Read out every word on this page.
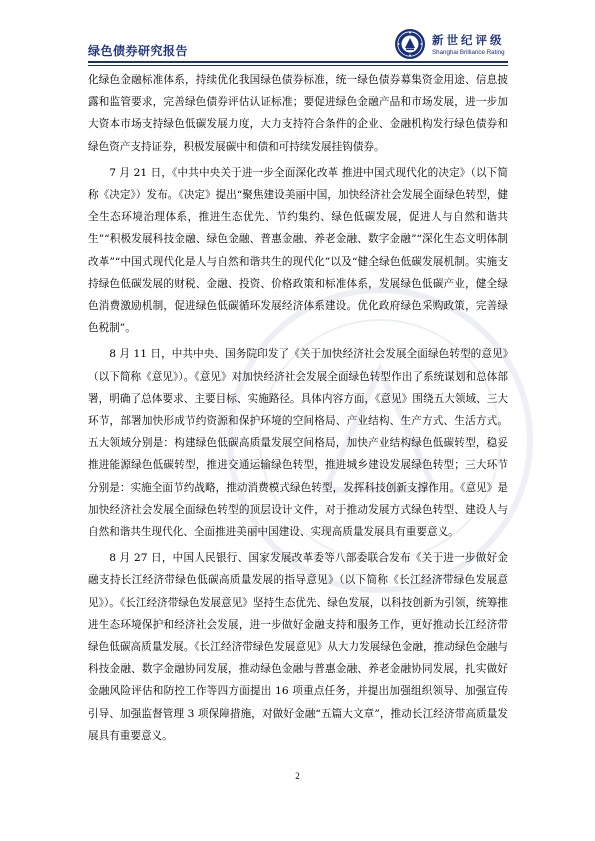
绿色债券研究报告
新世纪评级
Shanghai Brilliance Rating

化绿色金融标准体系，持续优化我国绿色债券标准，统一绿色债券募集资金用途、信息披露和监管要求，完善绿色债券评估认证标准；要促进绿色金融产品和市场发展，进一步加大资本市场支持绿色低碳发展力度，大力支持符合条件的企业、金融机构发行绿色债券和绿色资产支持证券，积极发展碳中和债和可持续发展挂钩债券。

7 月 21 日，《中共中央关于进一步全面深化改革 推进中国式现代化的决定》（以下简称《决定》）发布。《决定》提出“聚焦建设美丽中国，加快经济社会发展全面绿色转型，健全生态环境治理体系，推进生态优先、节约集约、绿色低碳发展，促进人与自然和谐共生”“积极发展科技金融、绿色金融、普惠金融、养老金融、数字金融”“深化生态文明体制改革”“中国式现代化是人与自然和谐共生的现代化”以及“健全绿色低碳发展机制。实施支持绿色低碳发展的财税、金融、投资、价格政策和标准体系，发展绿色低碳产业，健全绿色消费激励机制，促进绿色低碳循环发展经济体系建设。优化政府绿色采购政策，完善绿色税制”。

8 月 11 日，中共中央、国务院印发了《关于加快经济社会发展全面绿色转型的意见》（以下简称《意见》）。《意见》对加快经济社会发展全面绿色转型作出了系统谋划和总体部署，明确了总体要求、主要目标、实施路径。具体内容方面，《意见》围绕五大领域、三大环节，部署加快形成节约资源和保护环境的空间格局、产业结构、生产方式、生活方式。五大领域分别是：构建绿色低碳高质量发展空间格局，加快产业结构绿色低碳转型，稳妥推进能源绿色低碳转型，推进交通运输绿色转型，推进城乡建设发展绿色转型；三大环节分别是：实施全面节约战略，推动消费模式绿色转型，发挥科技创新支撑作用。《意见》是加快经济社会发展全面绿色转型的顶层设计文件，对于推动发展方式绿色转型、建设人与自然和谐共生现代化、全面推进美丽中国建设、实现高质量发展具有重要意义。

8 月 27 日，中国人民银行、国家发展改革委等八部委联合发布《关于进一步做好金融支持长江经济带绿色低碳高质量发展的指导意见》（以下简称《长江经济带绿色发展意见》）。《长江经济带绿色发展意见》坚持生态优先、绿色发展，以科技创新为引领，统筹推进生态环境保护和经济社会发展，进一步做好金融支持和服务工作，更好推动长江经济带绿色低碳高质量发展。《长江经济带绿色发展意见》从大力发展绿色金融，推动绿色金融与科技金融、数字金融协同发展，推动绿色金融与普惠金融、养老金融协同发展，扎实做好金融风险评估和防控工作等四方面提出 16 项重点任务，并提出加强组织领导、加强宣传引导、加强监督管理 3 项保障措施，对做好金融“五篇大文章”，推动长江经济带高质量发展具有重要意义。

2
